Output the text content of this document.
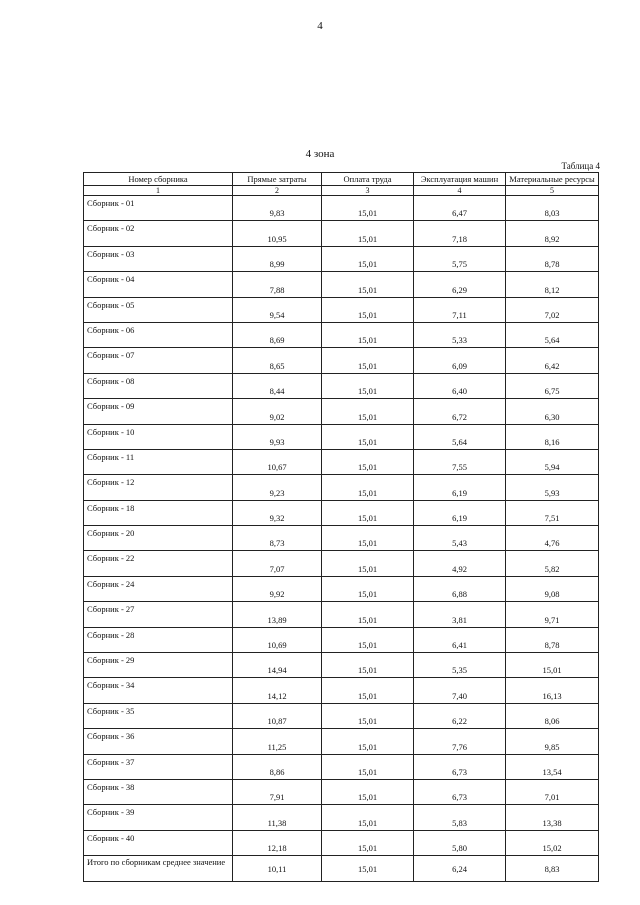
4
4 зона
Таблица 4
Номер сборника	Прямые затраты	Оплата труда	Эксплуатация машин	Материальные ресурсы
1	2	3	4	5
Сборник - 01	9,83	15,01	6,47	8,03
Сборник - 02	10,95	15,01	7,18	8,92
Сборник - 03	8,99	15,01	5,75	8,78
Сборник - 04	7,88	15,01	6,29	8,12
Сборник - 05	9,54	15,01	7,11	7,02
Сборник - 06	8,69	15,01	5,33	5,64
Сборник - 07	8,65	15,01	6,09	6,42
Сборник - 08	8,44	15,01	6,40	6,75
Сборник - 09	9,02	15,01	6,72	6,30
Сборник - 10	9,93	15,01	5,64	8,16
Сборник - 11	10,67	15,01	7,55	5,94
Сборник - 12	9,23	15,01	6,19	5,93
Сборник - 18	9,32	15,01	6,19	7,51
Сборник - 20	8,73	15,01	5,43	4,76
Сборник - 22	7,07	15,01	4,92	5,82
Сборник - 24	9,92	15,01	6,88	9,08
Сборник - 27	13,89	15,01	3,81	9,71
Сборник - 28	10,69	15,01	6,41	8,78
Сборник - 29	14,94	15,01	5,35	15,01
Сборник - 34	14,12	15,01	7,40	16,13
Сборник - 35	10,87	15,01	6,22	8,06
Сборник - 36	11,25	15,01	7,76	9,85
Сборник - 37	8,86	15,01	6,73	13,54
Сборник - 38	7,91	15,01	6,73	7,01
Сборник - 39	11,38	15,01	5,83	13,38
Сборник - 40	12,18	15,01	5,80	15,02
Итого по сборникам среднее значение	10,11	15,01	6,24	8,83
